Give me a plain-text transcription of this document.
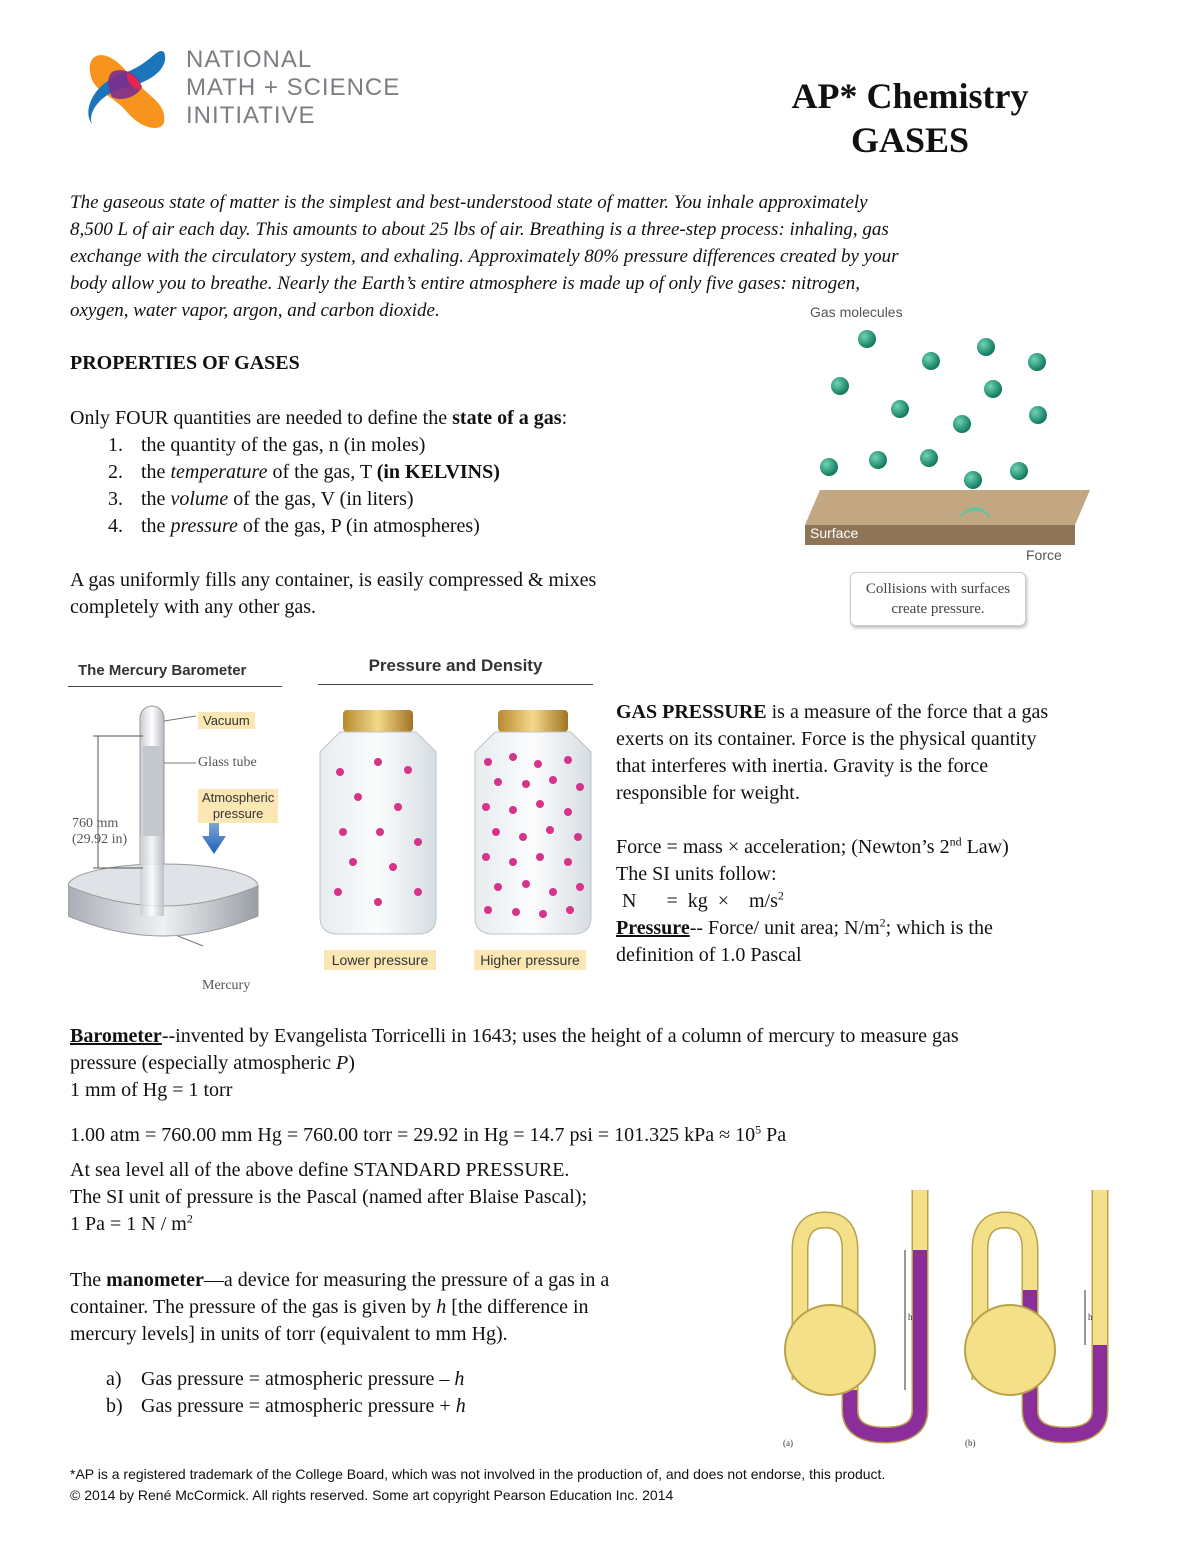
NATIONAL
MATH + SCIENCE
INITIATIVE	AP* Chemistry
GASES
The gaseous state of matter is the simplest and best-understood state of matter. You inhale approximately
8,500 L of air each day. This amounts to about 25 lbs of air. Breathing is a three-step process: inhaling, gas
exchange with the circulatory system, and exhaling. Approximately 80% pressure differences created by your
body allow you to breathe. Nearly the Earth’s entire atmosphere is made up of only five gases: nitrogen,
oxygen, water vapor, argon, and carbon dioxide.
PROPERTIES OF GASES
Only FOUR quantities are needed to define the state of a gas:
1. the quantity of the gas, n (in moles)
2. the temperature of the gas, T (in KELVINS)
3. the volume of the gas, V (in liters)
4. the pressure of the gas, P (in atmospheres)
A gas uniformly fills any container, is easily compressed & mixes
completely with any other gas.
Gas molecules
Surface
Force
Collisions with surfaces
create pressure.
The Mercury Barometer
Vacuum
Glass tube
Atmospheric
pressure
760 mm
(29.92 in)
Mercury
Pressure and Density
Lower pressure	Higher pressure
GAS PRESSURE is a measure of the force that a gas
exerts on its container. Force is the physical quantity
that interferes with inertia. Gravity is the force
responsible for weight.
Force = mass × acceleration; (Newton’s 2nd Law)
The SI units follow:
N      =  kg  ×    $m/s^2$
Pressure-- Force/ unit area; $N/m^2$; which is the
definition of 1.0 Pascal
Barometer--invented by Evangelista Torricelli in 1643; uses the height of a column of mercury to measure gas
pressure (especially atmospheric P)
1 mm of Hg = 1 torr
1.00 atm = 760.00 mm Hg = 760.00 torr = 29.92 in Hg = 14.7 psi = 101.325 kPa ≈ $10^5$ Pa
At sea level all of the above define STANDARD PRESSURE.
The SI unit of pressure is the Pascal (named after Blaise Pascal);
1 Pa = 1 N / $m^2$
The manometer—a device for measuring the pressure of a gas in a
container. The pressure of the gas is given by h [the difference in
mercury levels] in units of torr (equivalent to mm Hg).
a) Gas pressure = atmospheric pressure – h
b) Gas pressure = atmospheric pressure + h
h
(a)
h
(b)
*AP is a registered trademark of the College Board, which was not involved in the production of, and does not endorse, this product.
© 2014 by René McCormick. All rights reserved. Some art copyright Pearson Education Inc. 2014
